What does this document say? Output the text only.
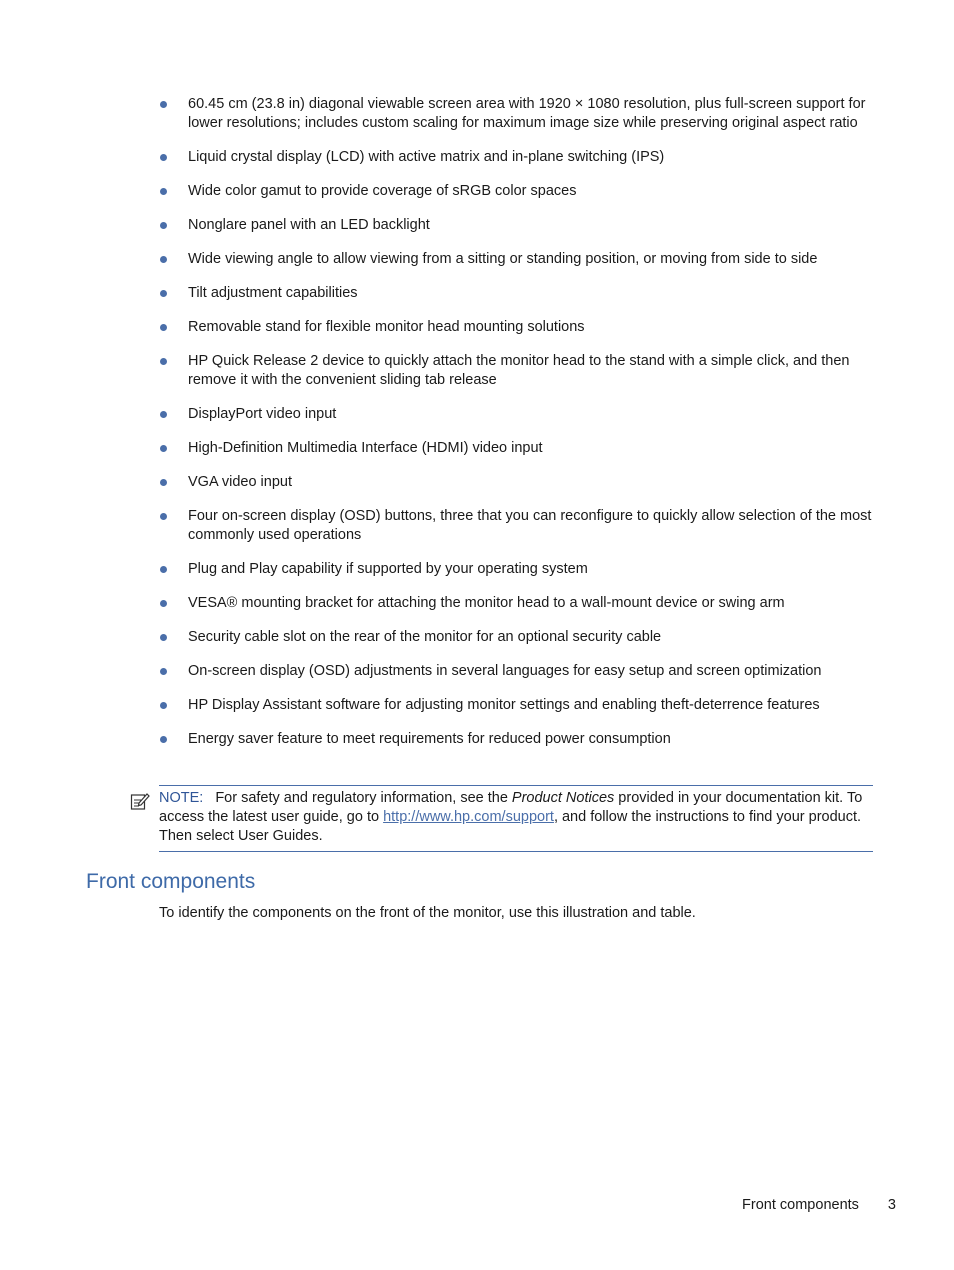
60.45 cm (23.8 in) diagonal viewable screen area with 1920 × 1080 resolution, plus full-screen support for lower resolutions; includes custom scaling for maximum image size while preserving original aspect ratio
Liquid crystal display (LCD) with active matrix and in-plane switching (IPS)
Wide color gamut to provide coverage of sRGB color spaces
Nonglare panel with an LED backlight
Wide viewing angle to allow viewing from a sitting or standing position, or moving from side to side
Tilt adjustment capabilities
Removable stand for flexible monitor head mounting solutions
HP Quick Release 2 device to quickly attach the monitor head to the stand with a simple click, and then remove it with the convenient sliding tab release
DisplayPort video input
High-Definition Multimedia Interface (HDMI) video input
VGA video input
Four on-screen display (OSD) buttons, three that you can reconfigure to quickly allow selection of the most commonly used operations
Plug and Play capability if supported by your operating system
VESA® mounting bracket for attaching the monitor head to a wall-mount device or swing arm
Security cable slot on the rear of the monitor for an optional security cable
On-screen display (OSD) adjustments in several languages for easy setup and screen optimization
HP Display Assistant software for adjusting monitor settings and enabling theft-deterrence features
Energy saver feature to meet requirements for reduced power consumption
NOTE: For safety and regulatory information, see the Product Notices provided in your documentation kit. To access the latest user guide, go to http://www.hp.com/support, and follow the instructions to find your product. Then select User Guides.
Front components

To identify the components on the front of the monitor, use this illustration and table.

Front components 3
